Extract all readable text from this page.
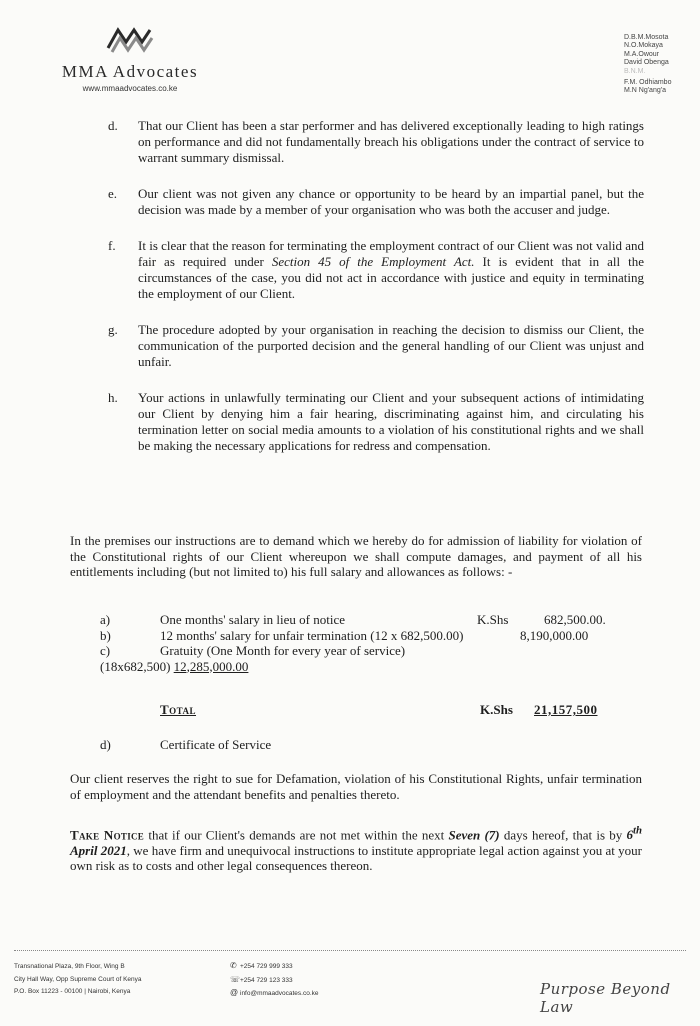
MMA Advocates
www.mmaadvocates.co.ke
D.B.M.Mosota
N.O.Mokaya
M.A.Owour
David Obenga
B.N.M.
F.M. Odhiambo
M.N Ng'ang'a
d. That our Client has been a star performer and has delivered exceptionally leading to high ratings on performance and did not fundamentally breach his obligations under the contract of service to warrant summary dismissal.
e. Our client was not given any chance or opportunity to be heard by an impartial panel, but the decision was made by a member of your organisation who was both the accuser and judge.
f. It is clear that the reason for terminating the employment contract of our Client was not valid and fair as required under Section 45 of the Employment Act. It is evident that in all the circumstances of the case, you did not act in accordance with justice and equity in terminating the employment of our Client.
g. The procedure adopted by your organisation in reaching the decision to dismiss our Client, the communication of the purported decision and the general handling of our Client was unjust and unfair.
h. Your actions in unlawfully terminating our Client and your subsequent actions of intimidating our Client by denying him a fair hearing, discriminating against him, and circulating his termination letter on social media amounts to a violation of his constitutional rights and we shall be making the necessary applications for redress and compensation.
In the premises our instructions are to demand which we hereby do for admission of liability for violation of the Constitutional rights of our Client whereupon we shall compute damages, and payment of all his entitlements including (but not limited to) his full salary and allowances as follows: -
a)	One months' salary in lieu of notice	K.Shs	682,500.00.
b)	12 months' salary for unfair termination (12 x 682,500.00)	8,190,000.00
c)	Gratuity (One Month for every year of service)
(18x682,500) 12,285,000.00
Total	K.Shs 21,157,500
d)	Certificate of Service
Our client reserves the right to sue for Defamation, violation of his Constitutional Rights, unfair termination of employment and the attendant benefits and penalties thereto.
Take Notice that if our Client's demands are not met within the next Seven (7) days hereof, that is by 6th April 2021, we have firm and unequivocal instructions to institute appropriate legal action against you at your own risk as to costs and other legal consequences thereon.
Transnational Plaza, 9th Floor, Wing B
City Hall Way, Opp Supreme Court of Kenya
P.O. Box 11223 - 00100 | Nairobi, Kenya
✆ +254 729 999 333
☏+254 729 123 333
@ info@mmaadvocates.co.ke	Purpose Beyond Law
